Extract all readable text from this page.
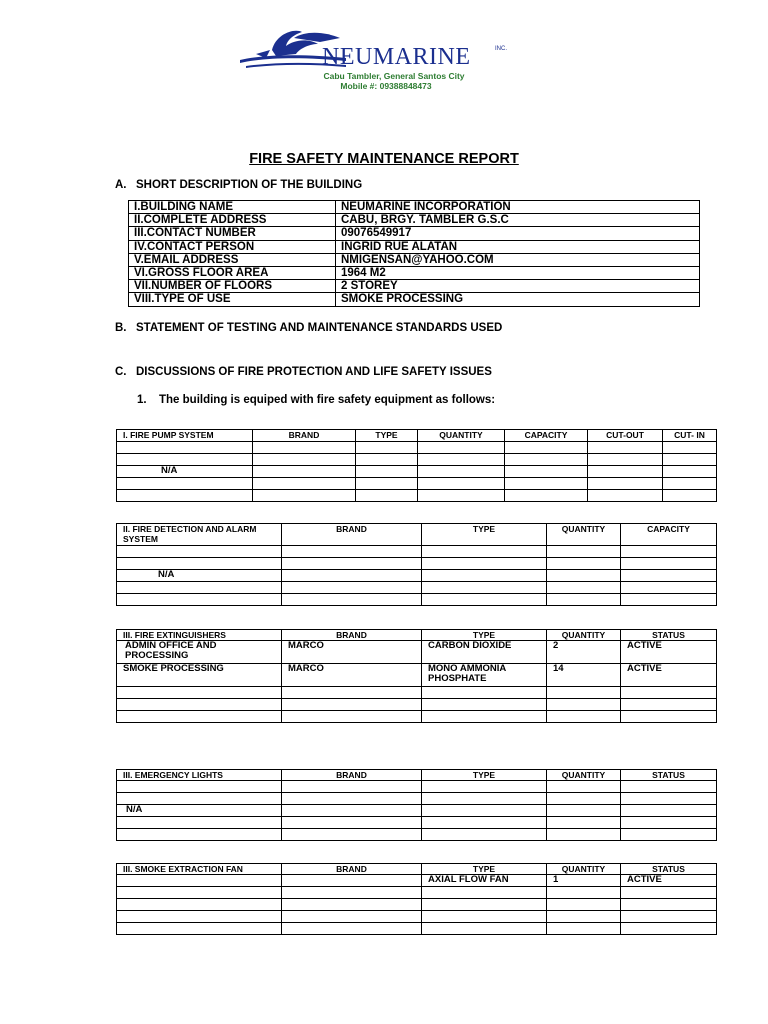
NEUMARINE	INC.
Cabu Tambler, General Santos City
Mobile #: 09388848473
FIRE SAFETY MAINTENANCE REPORT
A. SHORT DESCRIPTION OF THE BUILDING
I.BUILDING NAME	NEUMARINE INCORPORATION
II.COMPLETE ADDRESS	CABU, BRGY. TAMBLER G.S.C
III.CONTACT NUMBER	09076549917
IV.CONTACT PERSON	INGRID RUE ALATAN
V.EMAIL ADDRESS	NMIGENSAN@YAHOO.COM
VI.GROSS FLOOR AREA	1964 M2
VII.NUMBER OF FLOORS	2 STOREY
VIII.TYPE OF USE	SMOKE PROCESSING
B. STATEMENT OF TESTING AND MAINTENANCE STANDARDS USED
C. DISCUSSIONS OF FIRE PROTECTION AND LIFE SAFETY ISSUES
1. The building is equiped with fire safety equipment as follows:
I. FIRE PUMP SYSTEM	BRAND	TYPE	QUANTITY	CAPACITY	CUT-OUT	CUT- IN

N/A						

II. FIRE DETECTION AND ALARM SYSTEM	BRAND	TYPE	QUANTITY	CAPACITY

N/A				

III. FIRE EXTINGUISHERS	BRAND	TYPE	QUANTITY	STATUS
ADMIN OFFICE AND PROCESSING	MARCO	CARBON DIOXIDE	2	ACTIVE
SMOKE PROCESSING	MARCO	MONO AMMONIA PHOSPHATE	14	ACTIVE

III. EMERGENCY LIGHTS	BRAND	TYPE	QUANTITY	STATUS

N/A				

III. SMOKE EXTRACTION FAN	BRAND	TYPE	QUANTITY	STATUS
		AXIAL FLOW FAN	1	ACTIVE
